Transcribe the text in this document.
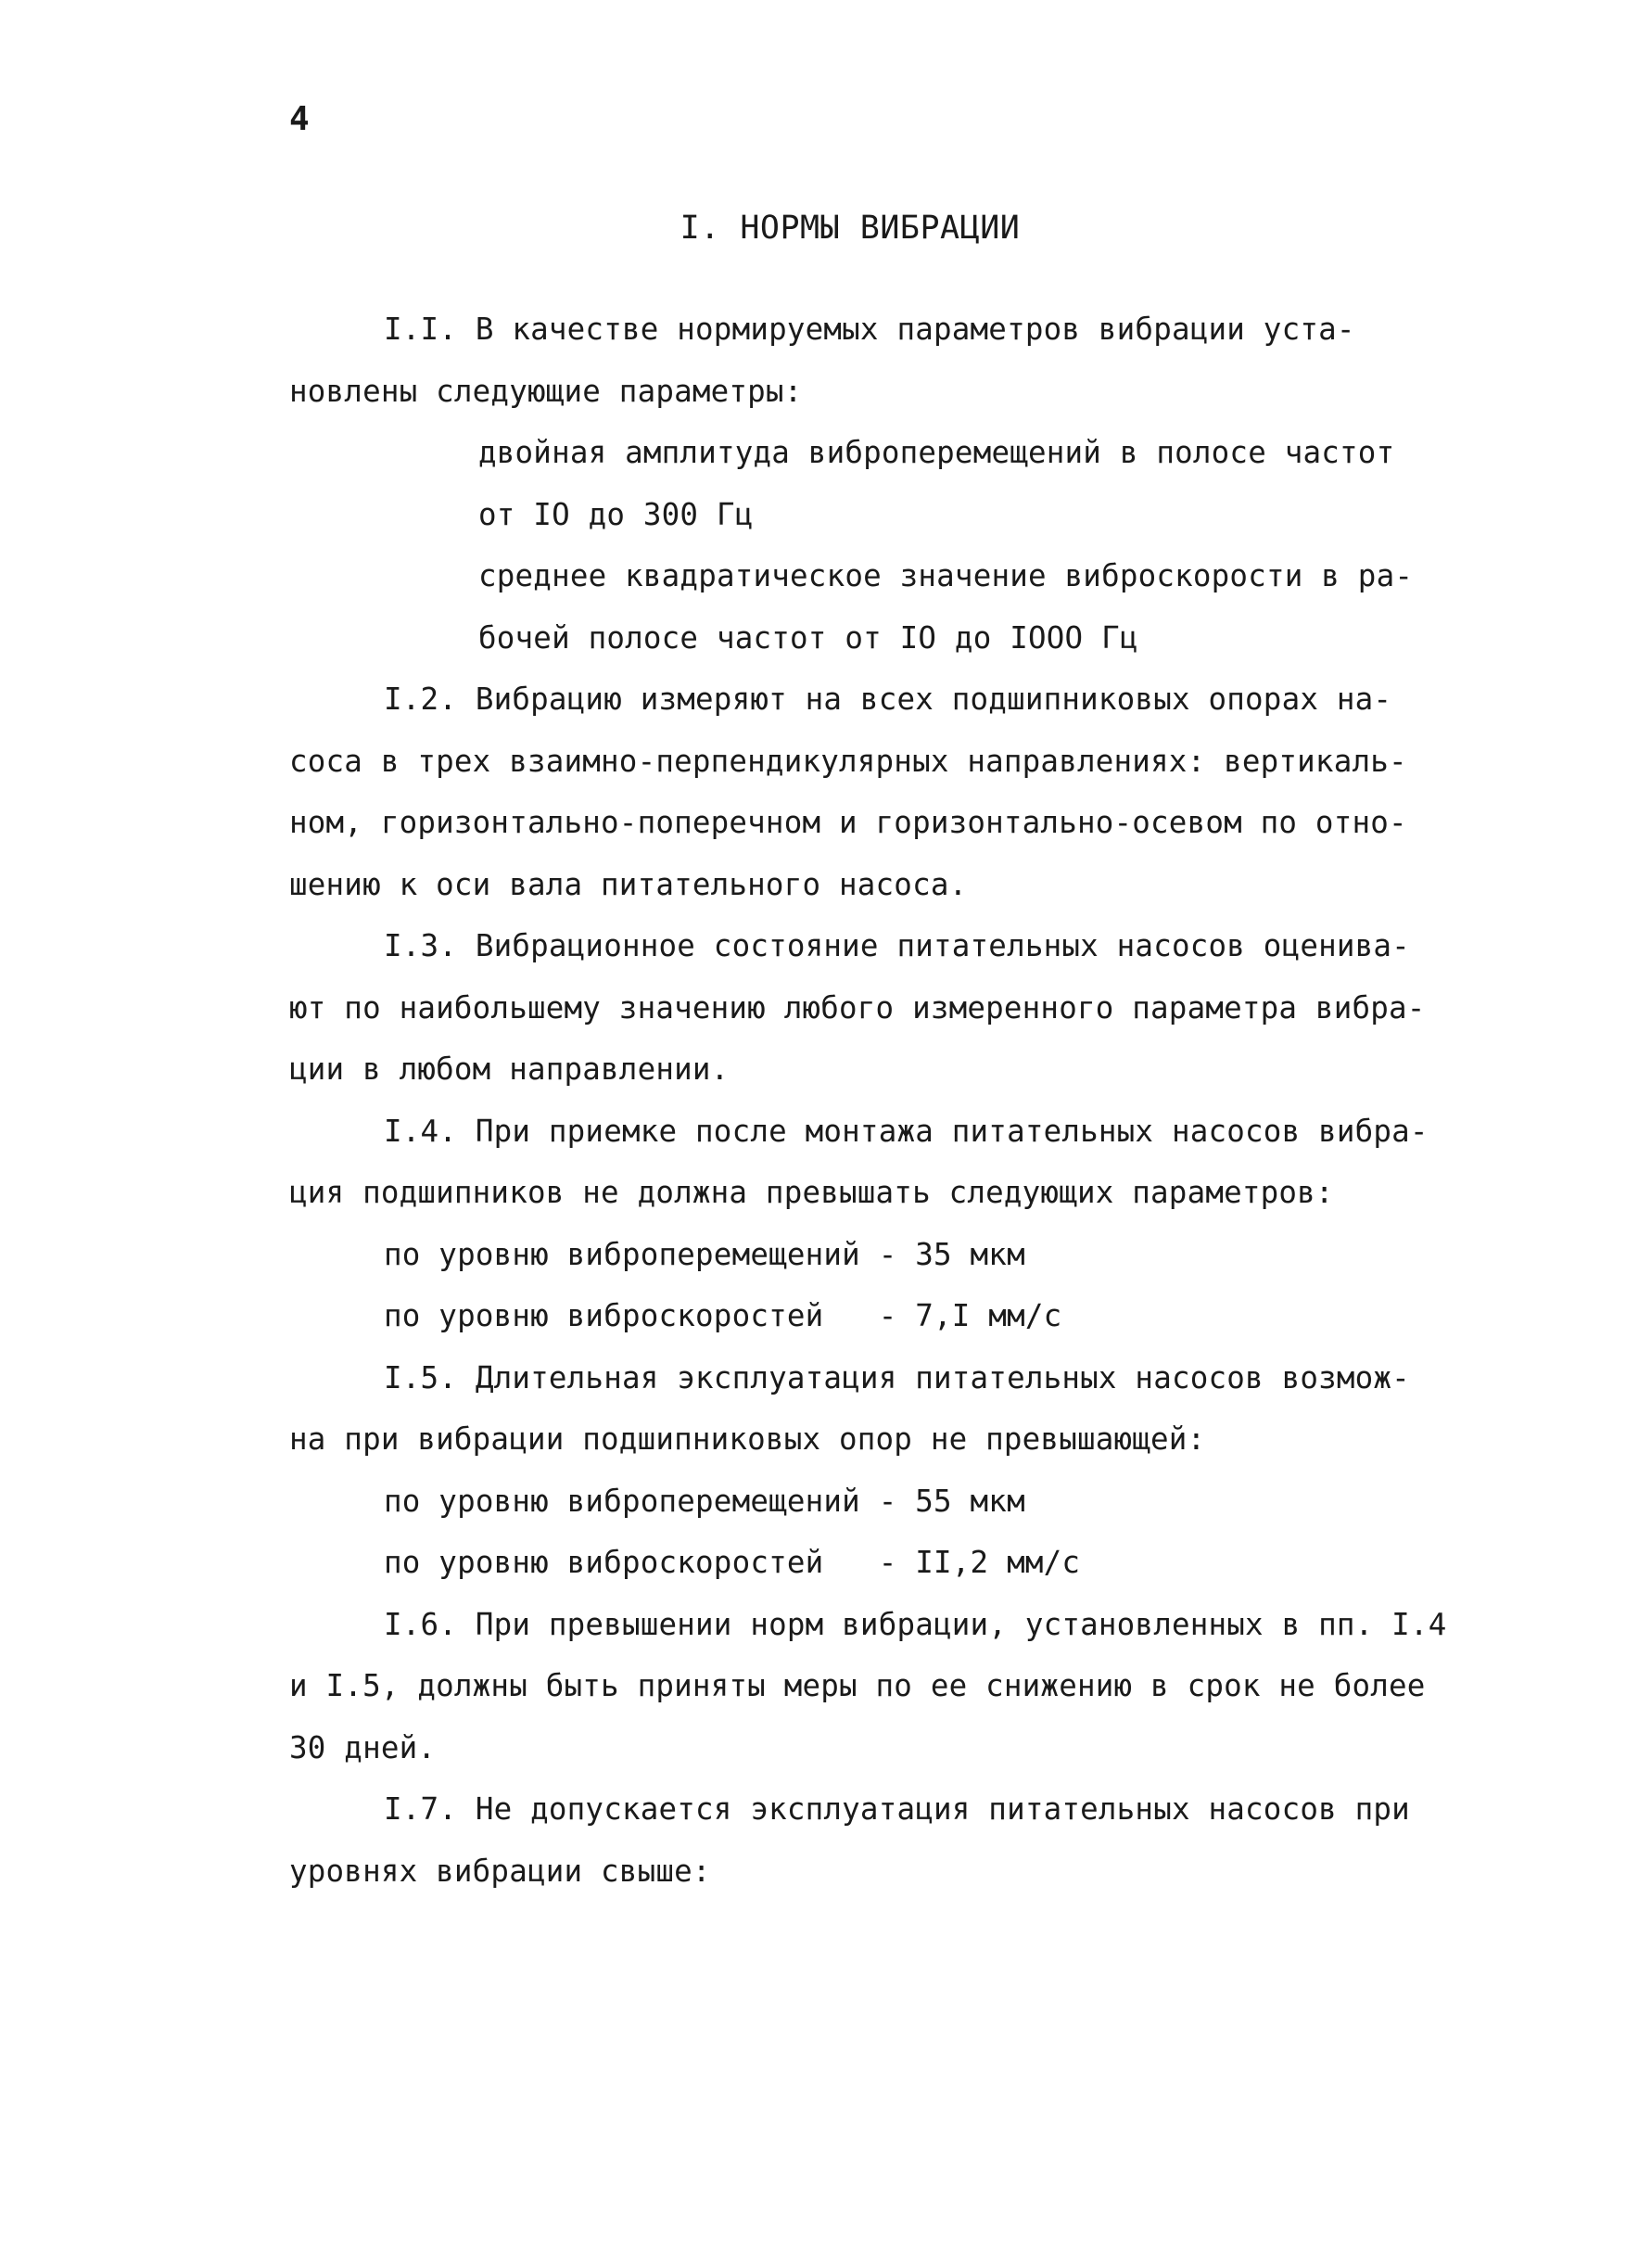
4
I. НОРМЫ ВИБРАЦИИ
I.I. В качестве нормируемых параметров вибрации уста-
новлены следующие параметры:
двойная амплитуда виброперемещений в полосе частот
от IO до 300 Гц
среднее квадратическое значение виброскорости в ра-
бочей полосе частот от IO до IOOO Гц
I.2. Вибрацию измеряют на всех подшипниковых опорах на-
соса в трех взаимно-перпендикулярных направлениях: вертикаль-
ном, горизонтально-поперечном и горизонтально-осевом по отно-
шению к оси вала питательного насоса.
I.3. Вибрационное состояние питательных насосов оценива-
ют по наибольшему значению любого измеренного параметра вибра-
ции в любом направлении.
I.4. При приемке после монтажа питательных насосов вибра-
ция подшипников не должна превышать следующих параметров:
по уровню виброперемещений - 35 мкм
по уровню виброскоростей   - 7,I мм/с
I.5. Длительная эксплуатация питательных насосов возмож-
на при вибрации подшипниковых опор не превышающей:
по уровню виброперемещений - 55 мкм
по уровню виброскоростей   - II,2 мм/с
I.6. При превышении норм вибрации, установленных в пп. I.4
и I.5, должны быть приняты меры по ее снижению в срок не более
30 дней.
I.7. Не допускается эксплуатация питательных насосов при
уровнях вибрации свыше:
